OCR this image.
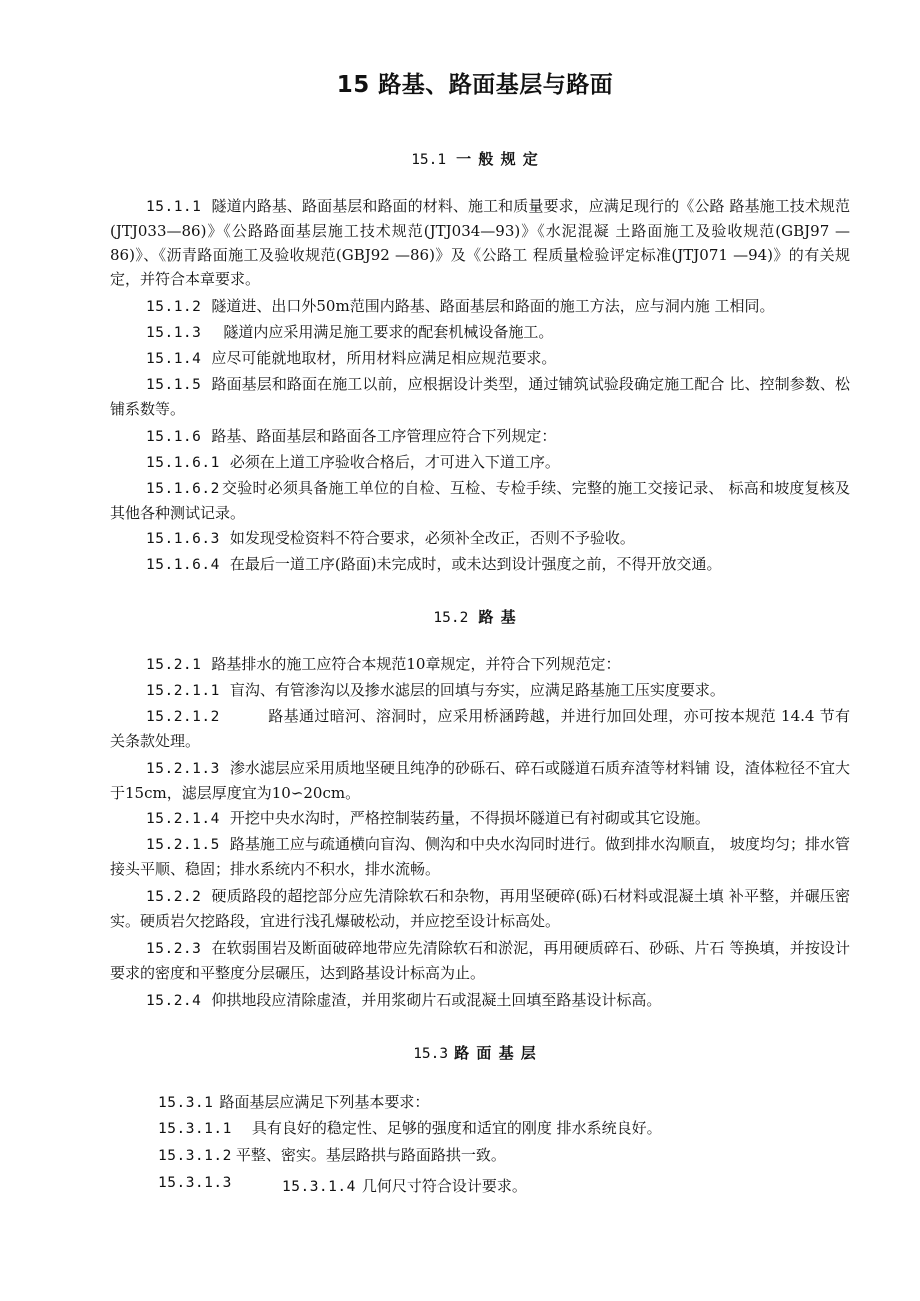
15 路基、路面基层与路面
15.1 一 般 规 定

15.1.1 隧道内路基、路面基层和路面的材料、施工和质量要求，应满足现行的《公路 路基施工技术规范(JTJ033—86)》《公路路面基层施工技术规范(JTJ034—93)》《水泥混凝 土路面施工及验收规范(GBJ97 —86)》、《沥青路面施工及验收规范(GBJ92 —86)》及《公路工 程质量检验评定标准(JTJ071 —94)》的有关规定，并符合本章要求。

15.1.2 隧道进、出口外50m范围内路基、路面基层和路面的施工方法，应与洞内施 工相同。

15.1.3 隧道内应采用满足施工要求的配套机械设备施工。

15.1.4 应尽可能就地取材，所用材料应满足相应规范要求。

15.1.5 路面基层和路面在施工以前，应根据设计类型，通过铺筑试验段确定施工配合 比、控制参数、松铺系数等。

15.1.6 路基、路面基层和路面各工序管理应符合下列规定：

15.1.6.1 必须在上道工序验收合格后，才可进入下道工序。

15.1.6.2 交验时必须具备施工单位的自检、互检、专检手续、完整的施工交接记录、 标高和坡度复核及其他各种测试记录。

15.1.6.3 如发现受检资料不符合要求，必须补全改正，否则不予验收。

15.1.6.4 在最后一道工序(路面)未完成时，或未达到设计强度之前，不得开放交通。

15.2 路 基

15.2.1 路基排水的施工应符合本规范10章规定，并符合下列规范定：

15.2.1.1 盲沟、有管渗沟以及掺水滤层的回填与夯实，应满足路基施工压实度要求。

15.2.1.2	路基通过暗河、溶洞时，应采用桥涵跨越，并进行加回处理，亦可按本规范 14.4 节有关条款处理。

15.2.1.3 渗水滤层应采用质地坚硬且纯净的砂砾石、碎石或隧道石质弃渣等材料铺 设，渣体粒径不宜大于15cm，滤层厚度宜为10∽20cm。

15.2.1.4 开挖中央水沟时，严格控制装药量，不得损坏隧道已有衬砌或其它设施。

15.2.1.5 路基施工应与疏通横向盲沟、侧沟和中央水沟同时进行。做到排水沟顺直， 坡度均匀；排水管接头平顺、稳固；排水系统内不积水，排水流畅。

15.2.2 硬质路段的超挖部分应先清除软石和杂物，再用坚硬碎(砾)石材料或混凝土填 补平整，并碾压密实。硬质岩欠挖路段，宜进行浅孔爆破松动，并应挖至设计标高处。

15.2.3 在软弱围岩及断面破碎地带应先清除软石和淤泥，再用硬质碎石、砂砾、片石 等换填，并按设计要求的密度和平整度分层碾压，达到路基设计标高为止。

15.2.4 仰拱地段应清除虚渣，并用浆砌片石或混凝土回填至路基设计标高。

15.3 路 面 基 层
15.3.1 路面基层应满足下列基本要求：
15.3.1.1 具有良好的稳定性、足够的强度和适宜的刚度 排水系统良好。
15.3.1.2 平整、密实。基层路拱与路面路拱一致。
15.3.1.3	15.3.1.4 几何尺寸符合设计要求。
